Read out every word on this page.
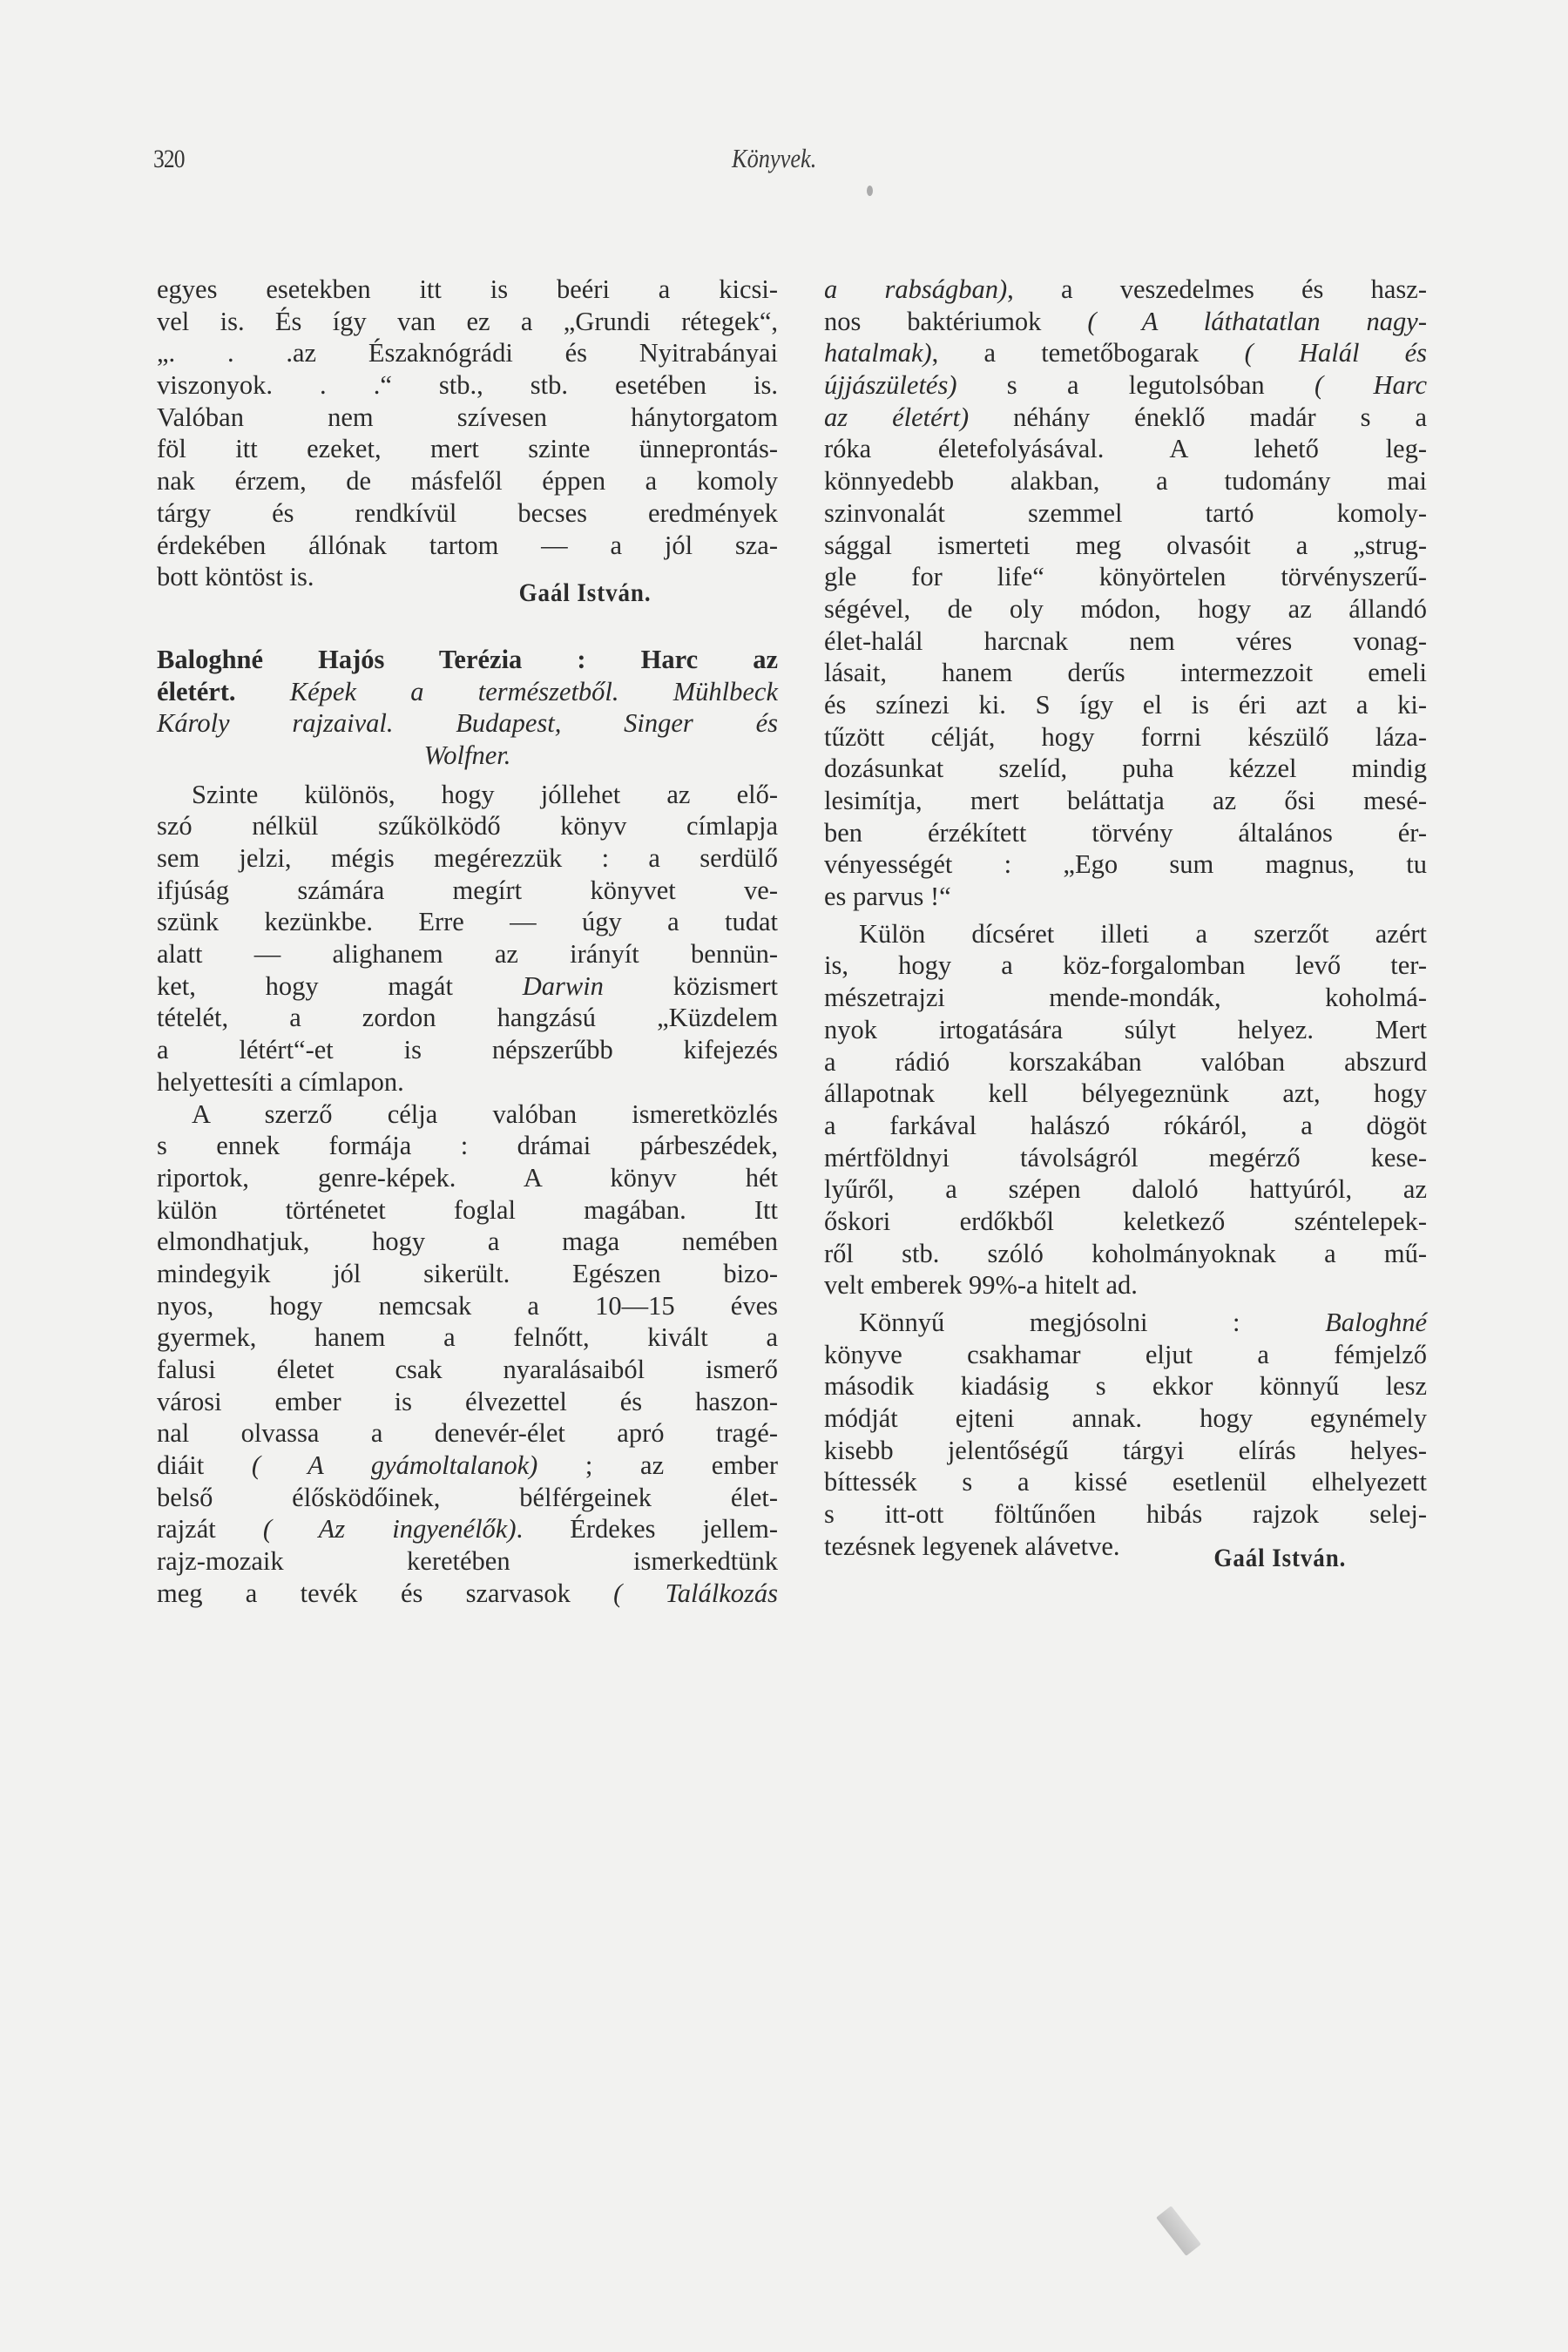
320	Könyvek.
egyes esetekben itt is beéri a kicsi-
vel is. És így van ez a „Grundi rétegek“,
„. . .az Északnógrádi és Nyitrabányai
viszonyok. . .“ stb., stb. esetében is.
Valóban nem szívesen hánytorgatom
föl itt ezeket, mert szinte ünneprontás-
nak érzem, de másfelől éppen a komoly
tárgy és rendkívül becses eredmények
érdekében állónak tartom — a jól sza-
bott köntöst is.
Gaál István.
Baloghné Hajós Terézia : Harc az
életért. Képek a természetből. Mühlbeck
Károly rajzaival. Budapest, Singer és
Wolfner.
Szinte különös, hogy jóllehet az elő-
szó nélkül szűkölködő könyv címlapja
sem jelzi, mégis megérezzük : a serdülő
ifjúság számára megírt könyvet ve-
szünk kezünkbe. Erre — úgy a tudat
alatt — alighanem az irányít bennün-
ket, hogy magát Darwin közismert
tételét, a zordon hangzású „Küzdelem
a létért“-et is népszerűbb kifejezés
helyettesíti a címlapon.
A szerző célja valóban ismeretközlés
s ennek formája : drámai párbeszédek,
riportok, genre-képek. A könyv hét
külön történetet foglal magában. Itt
elmondhatjuk, hogy a maga nemében
mindegyik jól sikerült. Egészen bizo-
nyos, hogy nemcsak a 10—15 éves
gyermek, hanem a felnőtt, kivált a
falusi életet csak nyaralásaiból ismerő
városi ember is élvezettel és haszon-
nal olvassa a denevér-élet apró tragé-
diáit ( A gyámoltalanok) ; az ember
belső élősködőinek, bélférgeinek élet-
rajzát ( Az ingyenélők). Érdekes jellem-
rajz-mozaik keretében ismerkedtünk
meg a tevék és szarvasok ( Találkozás
a rabságban), a veszedelmes és hasz-
nos baktériumok ( A láthatatlan nagy-
hatalmak), a temetőbogarak ( Halál és
újjászületés) s a legutolsóban ( Harc
az életért) néhány éneklő madár s a
róka életefolyásával. A lehető leg-
könnyedebb alakban, a tudomány mai
szinvonalát szemmel tartó komoly-
sággal ismerteti meg olvasóit a „strug-
gle for life“ könyörtelen törvényszerű-
ségével, de oly módon, hogy az állandó
élet-halál harcnak nem véres vonag-
lásait, hanem derűs intermezzoit emeli
és színezi ki. S így el is éri azt a ki-
tűzött célját, hogy forrni készülő láza-
dozásunkat szelíd, puha kézzel mindig
lesimítja, mert beláttatja az ősi mesé-
ben érzékített törvény általános ér-
vényességét : „Ego sum magnus, tu
es parvus !“
Külön dícséret illeti a szerzőt azért
is, hogy a köz-forgalomban levő ter-
mészetrajzi mende-mondák, koholmá-
nyok irtogatására súlyt helyez. Mert
a rádió korszakában valóban abszurd
állapotnak kell bélyegeznünk azt, hogy
a farkával halászó rókáról, a dögöt
mértföldnyi távolságról megérző kese-
lyűről, a szépen daloló hattyúról, az
őskori erdőkből keletkező széntelepek-
ről stb. szóló koholmányoknak a mű-
velt emberek 99%-a hitelt ad.
Könnyű megjósolni : Baloghné
könyve csakhamar eljut a fémjelző
második kiadásig s ekkor könnyű lesz
módját ejteni annak. hogy egynémely
kisebb jelentőségű tárgyi elírás helyes-
bíttessék s a kissé esetlenül elhelyezett
s itt-ott föltűnően hibás rajzok selej-
tezésnek legyenek alávetve.	Gaál István.
